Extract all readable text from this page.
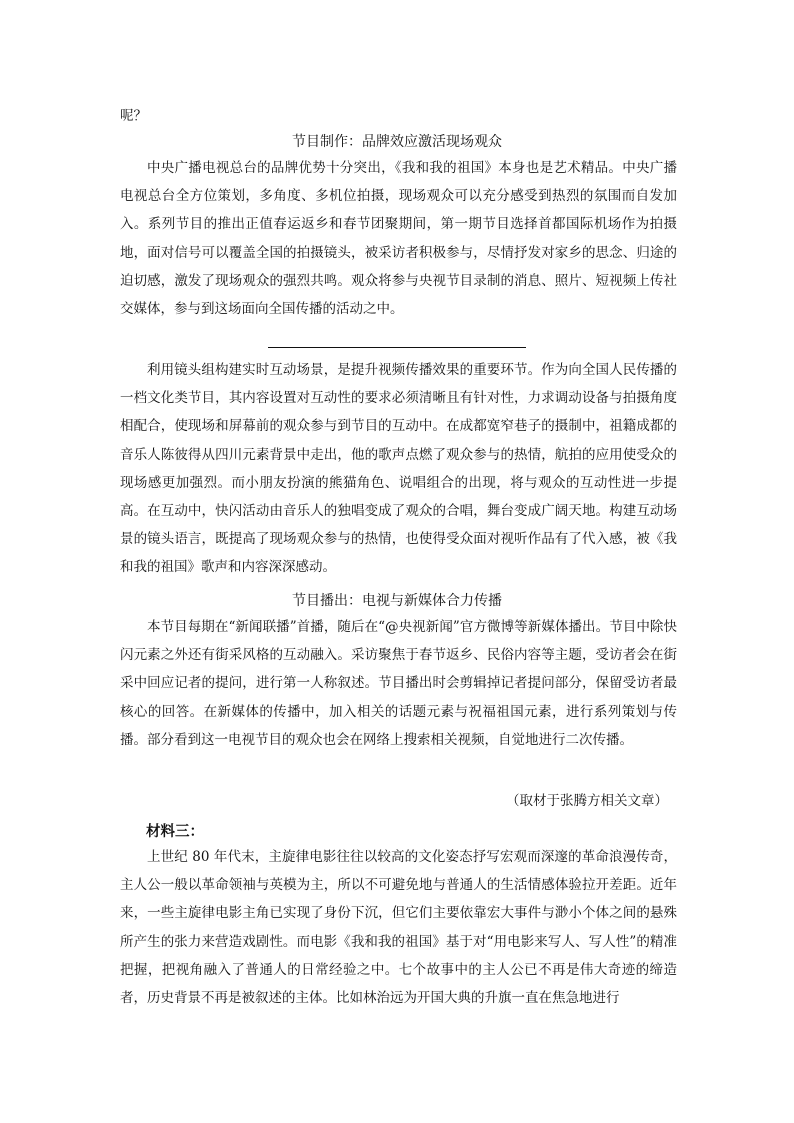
呢？

节目制作：品牌效应激活现场观众

中央广播电视总台的品牌优势十分突出，《我和我的祖国》本身也是艺术精品。中央广播电视总台全方位策划，多角度、多机位拍摄，现场观众可以充分感受到热烈的氛围而自发加入。系列节目的推出正值春运返乡和春节团聚期间，第一期节目选择首都国际机场作为拍摄地，面对信号可以覆盖全国的拍摄镜头，被采访者积极参与，尽情抒发对家乡的思念、归途的迫切感，激发了现场观众的强烈共鸣。观众将参与央视节目录制的消息、照片、短视频上传社交媒体，参与到这场面向全国传播的活动之中。

利用镜头组构建实时互动场景，是提升视频传播效果的重要环节。作为向全国人民传播的一档文化类节目，其内容设置对互动性的要求必须清晰且有针对性，力求调动设备与拍摄角度相配合，使现场和屏幕前的观众参与到节目的互动中。在成都宽窄巷子的摄制中，祖籍成都的音乐人陈彼得从四川元素背景中走出，他的歌声点燃了观众参与的热情，航拍的应用使受众的现场感更加强烈。而小朋友扮演的熊猫角色、说唱组合的出现，将与观众的互动性进一步提高。在互动中，快闪活动由音乐人的独唱变成了观众的合唱，舞台变成广阔天地。构建互动场景的镜头语言，既提高了现场观众参与的热情，也使得受众面对视听作品有了代入感，被《我和我的祖国》歌声和内容深深感动。

节目播出：电视与新媒体合力传播

本节目每期在“新闻联播”首播，随后在“@央视新闻”官方微博等新媒体播出。节目中除快闪元素之外还有街采风格的互动融入。采访聚焦于春节返乡、民俗内容等主题，受访者会在街采中回应记者的提问，进行第一人称叙述。节目播出时会剪辑掉记者提问部分，保留受访者最核心的回答。在新媒体的传播中，加入相关的话题元素与祝福祖国元素，进行系列策划与传播。部分看到这一电视节目的观众也会在网络上搜索相关视频，自觉地进行二次传播。

（取材于张腾方相关文章）

材料三：

上世纪 80 年代末，主旋律电影往往以较高的文化姿态抒写宏观而深邃的革命浪漫传奇，主人公一般以革命领袖与英模为主，所以不可避免地与普通人的生活情感体验拉开差距。近年来，一些主旋律电影主角已实现了身份下沉，但它们主要依靠宏大事件与渺小个体之间的悬殊所产生的张力来营造戏剧性。而电影《我和我的祖国》基于对“用电影来写人、写人性”的精准把握，把视角融入了普通人的日常经验之中。七个故事中的主人公已不再是伟大奇迹的缔造者，历史背景不再是被叙述的主体。比如林治远为开国大典的升旗一直在焦急地进行
